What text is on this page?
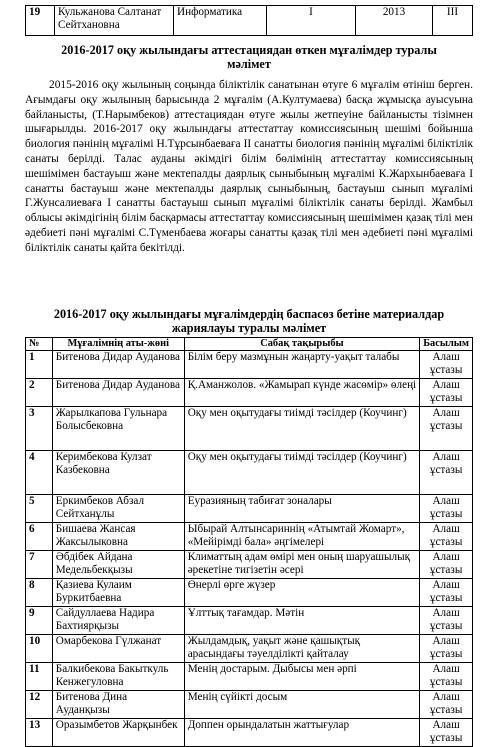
19	Кульжанова Салтанат Сейтхановна	Информатика	I	2013	III
2016-2017 оқу жылындағы аттестациядан өткен мұғалімдер туралы
мәлімет

2015-2016 оқу жылының соңында біліктілік санатынан өтуге 6 мұғалім өтініш берген. Ағымдағы оқу жылының барысында 2 мұғалім (А.Култумаева) басқа жұмысқа ауысуына байланысты, (Т.Нарымбеков) аттестациядан өтуге жылы жетпеуіне байланысты тізімнен шығарылды. 2016-2017 оқу жылындағы аттестаттау комиссиясының шешімі бойынша биология пәнінің мұғалімі Н.Тұрсынбаевағa II санатты биология пәнінің мұғалімі біліктілік санаты берілді. Талас ауданы әкімдігі білім бөлімінің аттестаттау комиссиясының шешімімен бастауыш және мектепалды даярлық сыныбының мұғалімі К.Жархынбаеваға I санатты бастауыш және мектепалды даярлық сыныбының, бастауыш сынып мұғалімі Г.Жунсалиеваға I санатты бастауыш сынып мұғалімі біліктілік санаты берілді. Жамбыл облысы әкімдігінің білім басқармасы аттестаттау комиссиясының шешімімен қазақ тілі мен әдебиеті пәні мұғалімі С.Түменбаева жоғары санатты қазақ тілі мен әдебиеті пәні мұғалімі біліктілік санаты қайта бекітілді.

2016-2017 оқу жылындағы мұғалімдердің баспасөз бетіне материалдар
жариялауы туралы мәлімет
№	Мұғалімнің аты-жөні	Сабақ тақырыбы	Басылым
1	Битенова Дидар Ауданова	Білім беру мазмұнын жаңарту-уақыт талабы	Алаш ұстазы
2	Битенова Дидар Ауданова	Қ.Аманжолов. «Жамырап күнде жасөмір» өлеңі	Алаш ұстазы
3	Жарылкапова Гульнара Болысбековна	Оқу мен оқытудағы тиімді тәсілдер (Коучинг)	Алаш ұстазы
4	Керимбекова Кулзат Казбековна	Оқу мен оқытудағы тиімді тәсілдер (Коучинг)	Алаш ұстазы
5	Еркимбеков Абзал Сейтханұлы	Еуразияның табиғат зоналары	Алаш ұстазы
6	Бишаева Жансая Жаксылыковна	Ыбырай Алтынсариннің «Атымтай Жомарт», «Мейірімді бала» әңгімелері	Алаш ұстазы
7	Әбдібек Айдана Медельбекқызы	Климаттың адам өмірі мен оның шаруашылық әрекетіне тигізетін әсері	Алаш ұстазы
8	Қазиева Кулаим Буркитбаевна	Өнерлі өрге жүзер	Алаш ұстазы
9	Сайдуллаева Надира Бахтиярқызы	Ұлттық тағамдар. Мәтін	Алаш ұстазы
10	Омарбекова Гүлжанат	Жылдамдық, уақыт және қашықтық арасындағы тәуелділікті қайталау	Алаш ұстазы
11	Балкибекова Бакыткуль Кенжегуловна	Менің достарым. Дыбысы мен әрпі	Алаш ұстазы
12	Битенова Дина Ауданқызы	Менің сүйікті досым	Алаш ұстазы
13	Оразымбетов Жарқынбек	Доппен орындалатын жаттығулар	Алаш ұстазы
